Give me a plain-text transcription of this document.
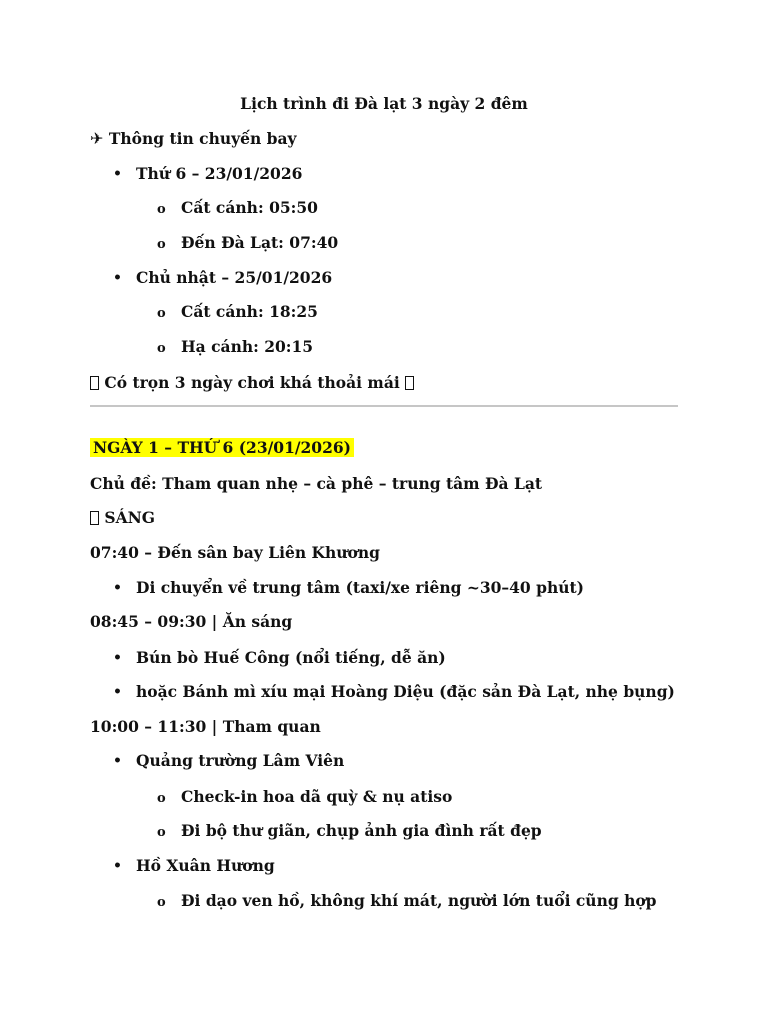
Lịch trình đi Đà lạt 3 ngày 2 đêm
✈ Thông tin chuyến bay
• Thứ 6 – 23/01/2026
o Cất cánh: 05:50
o Đến Đà Lạt: 07:40
• Chủ nhật – 25/01/2026
o Cất cánh: 18:25
o Hạ cánh: 20:15
Có trọn 3 ngày chơi khá thoải mái
NGÀY 1 – THỨ 6 (23/01/2026)
Chủ đề: Tham quan nhẹ – cà phê – trung tâm Đà Lạt
SÁNG
07:40 – Đến sân bay Liên Khương
• Di chuyển về trung tâm (taxi/xe riêng ~30–40 phút)
08:45 – 09:30 | Ăn sáng
• Bún bò Huế Công (nổi tiếng, dễ ăn)
• hoặc Bánh mì xíu mại Hoàng Diệu (đặc sản Đà Lạt, nhẹ bụng)
10:00 – 11:30 | Tham quan
• Quảng trường Lâm Viên
o Check-in hoa dã quỳ & nụ atiso
o Đi bộ thư giãn, chụp ảnh gia đình rất đẹp
• Hồ Xuân Hương
o Đi dạo ven hồ, không khí mát, người lớn tuổi cũng hợp
